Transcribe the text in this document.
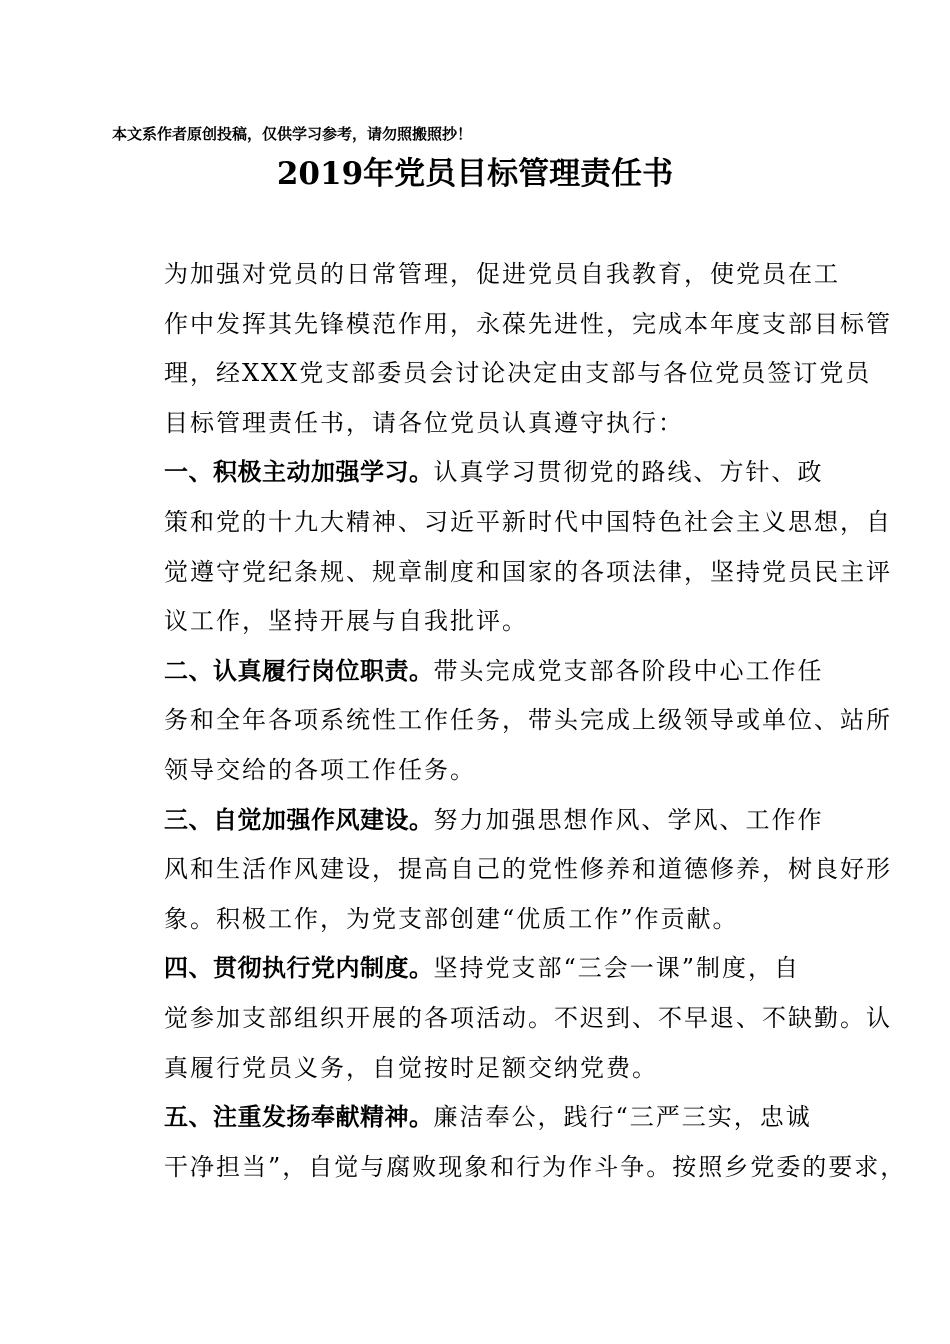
本文系作者原创投稿，仅供学习参考，请勿照搬照抄！
2019年党员目标管理责任书

为加强对党员的日常管理，促进党员自我教育，使党员在工
作中发挥其先锋模范作用，永葆先进性，完成本年度支部目标管
理，经XXX党支部委员会讨论决定由支部与各位党员签订党员
目标管理责任书，请各位党员认真遵守执行：

一、积极主动加强学习。认真学习贯彻党的路线、方针、政
策和党的十九大精神、习近平新时代中国特色社会主义思想，自
觉遵守党纪条规、规章制度和国家的各项法律，坚持党员民主评
议工作，坚持开展与自我批评。

二、认真履行岗位职责。带头完成党支部各阶段中心工作任
务和全年各项系统性工作任务，带头完成上级领导或单位、站所
领导交给的各项工作任务。

三、自觉加强作风建设。努力加强思想作风、学风、工作作
风和生活作风建设，提高自己的党性修养和道德修养，树良好形
象。积极工作，为党支部创建“优质工作”作贡献。

四、贯彻执行党内制度。坚持党支部“三会一课”制度，自
觉参加支部组织开展的各项活动。不迟到、不早退、不缺勤。认
真履行党员义务，自觉按时足额交纳党费。

五、注重发扬奉献精神。廉洁奉公，践行“三严三实，忠诚
干净担当”，自觉与腐败现象和行为作斗争。按照乡党委的要求，
